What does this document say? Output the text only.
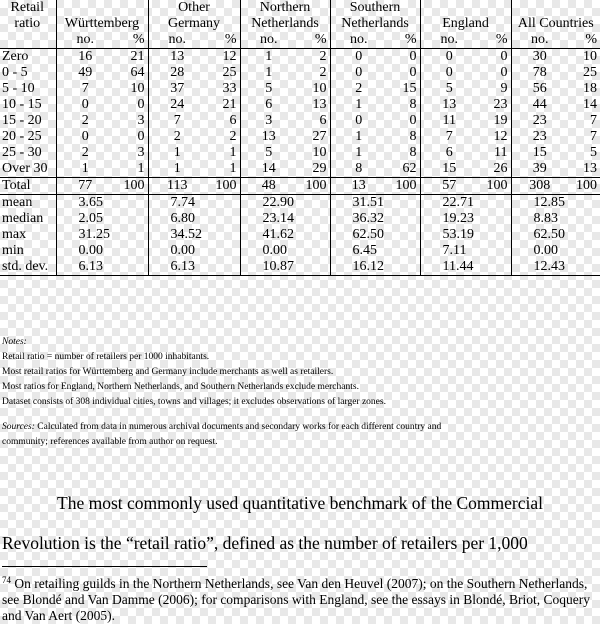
Retail			Other		Northern		Southern					
ratio	Württemberg		Germany		Netherlands		Netherlands		England		All Countries	
	no.	%	no.	%	no.	%	no.	%	no.	%	no.	%
Zero	16	21	13	12	1	2	0	0	0	0	30	10
0 - 5	49	64	28	25	1	2	0	0	0	0	78	25
5 - 10	7	10	37	33	5	10	2	15	5	9	56	18
10 - 15	0	0	24	21	6	13	1	8	13	23	44	14
15 - 20	2	3	7	6	3	6	0	0	11	19	23	7
20 - 25	0	0	2	2	13	27	1	8	7	12	23	7
25 - 30	2	3	1	1	5	10	1	8	6	11	15	5
Over 30	1	1	1	1	14	29	8	62	15	26	39	13
Total	77	100	113	100	48	100	13	100	57	100	308	100
mean	3.65		7.74		22.90		31.51		22.71		12.85	
median	2.05		6.80		23.14		36.32		19.23		8.83	
max	31.25		34.52		41.62		62.50		53.19		62.50	
min	0.00		0.00		0.00		6.45		7.11		0.00	
std. dev.	6.13		6.13		10.87		16.12		11.44		12.43	

Notes:

Retail ratio = number of retailers per 1000 inhabitants.

Most retail ratios for Württemberg and Germany include merchants as well as retailers.

Most ratios for England, Northern Netherlands, and Southern Netherlands exclude merchants.

Dataset consists of 308 individual cities, towns and villages; it excludes observations of larger zones.

Sources: Calculated from data in numerous archival documents and secondary works for each different country and

community; references available from author on request.

The most commonly used quantitative benchmark of the Commercial
Revolution is the “retail ratio”, defined as the number of retailers per 1,000
$^{74}$ On retailing guilds in the Northern Netherlands, see Van den Heuvel (2007); on the Southern Netherlands, see Blondé and Van Damme (2006); for comparisons with England, see the essays in Blondé, Briot, Coquery and Van Aert (2005).
